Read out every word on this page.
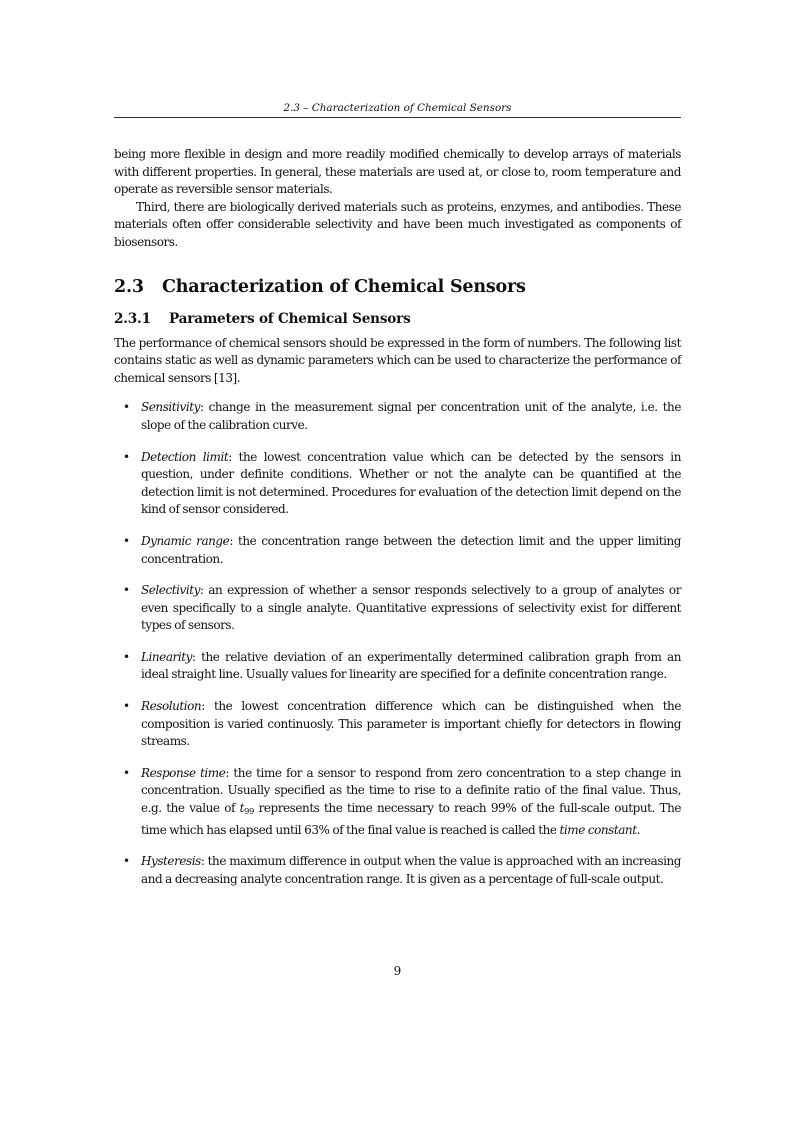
2.3 – Characterization of Chemical Sensors

being more flexible in design and more readily modified chemically to develop arrays of materials with different properties. In general, these materials are used at, or close to, room temperature and operate as reversible sensor materials.

Third, there are biologically derived materials such as proteins, enzymes, and antibodies. These materials often offer considerable selectivity and have been much investigated as components of biosensors.

2.3 Characterization of Chemical Sensors
2.3.1 Parameters of Chemical Sensors

The performance of chemical sensors should be expressed in the form of numbers. The following list contains static as well as dynamic parameters which can be used to characterize the performance of chemical sensors [13].

• Sensitivity: change in the measurement signal per concentration unit of the analyte, i.e. the slope of the calibration curve.
• Detection limit: the lowest concentration value which can be detected by the sensors in question, under definite conditions. Whether or not the analyte can be quantified at the detection limit is not determined. Procedures for evaluation of the detection limit depend on the kind of sensor considered.
• Dynamic range: the concentration range between the detection limit and the upper limiting concentration.
• Selectivity: an expression of whether a sensor responds selectively to a group of analytes or even specifically to a single analyte. Quantitative expressions of selectivity exist for different types of sensors.
• Linearity: the relative deviation of an experimentally determined calibration graph from an ideal straight line. Usually values for linearity are specified for a definite concentration range.
• Resolution: the lowest concentration difference which can be distinguished when the composition is varied continuosly. This parameter is important chiefly for detectors in flowing streams.
• Response time: the time for a sensor to respond from zero concentration to a step change in concentration. Usually specified as the time to rise to a definite ratio of the final value. Thus, e.g. the value of $t_{99}$ represents the time necessary to reach 99% of the full-scale output. The time which has elapsed until 63% of the final value is reached is called the time constant.
• Hysteresis: the maximum difference in output when the value is approached with an increasing and a decreasing analyte concentration range. It is given as a percentage of full-scale output.
9
